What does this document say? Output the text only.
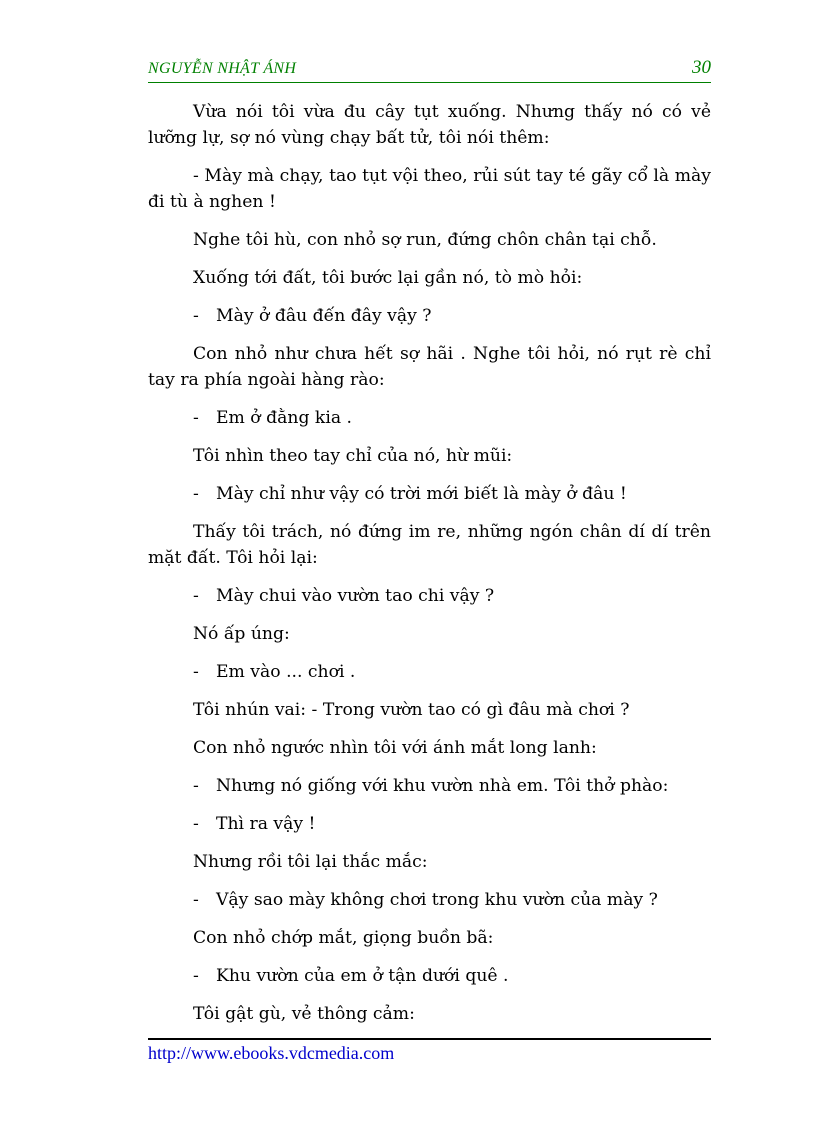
NGUYỄN NHẬT ÁNH	30

Vừa nói tôi vừa đu cây tụt xuống. Nhưng thấy nó có vẻ lưỡng lự, sợ nó vùng chạy bất tử, tôi nói thêm:

- Mày mà chạy, tao tụt vội theo, rủi sút tay té gãy cổ là mày đi tù à nghen !

Nghe tôi hù, con nhỏ sợ run, đứng chôn chân tại chỗ.

Xuống tới đất, tôi bước lại gần nó, tò mò hỏi:

- Mày ở đâu đến đây vậy ?

Con nhỏ như chưa hết sợ hãi . Nghe tôi hỏi, nó rụt rè chỉ tay ra phía ngoài hàng rào:

- Em ở đằng kia .

Tôi nhìn theo tay chỉ của nó, hừ mũi:

- Mày chỉ như vậy có trời mới biết là mày ở đâu !

Thấy tôi trách, nó đứng im re, những ngón chân dí dí trên mặt đất. Tôi hỏi lại:

- Mày chui vào vườn tao chi vậy ?

Nó ấp úng:

- Em vào ... chơi .

Tôi nhún vai: - Trong vườn tao có gì đâu mà chơi ?

Con nhỏ ngước nhìn tôi với ánh mắt long lanh:

- Nhưng nó giống với khu vườn nhà em. Tôi thở phào:

- Thì ra vậy !

Nhưng rồi tôi lại thắc mắc:

- Vậy sao mày không chơi trong khu vườn của mày ?

Con nhỏ chớp mắt, giọng buồn bã:

- Khu vườn của em ở tận dưới quê .

Tôi gật gù, vẻ thông cảm:

http://www.ebooks.vdcmedia.com
